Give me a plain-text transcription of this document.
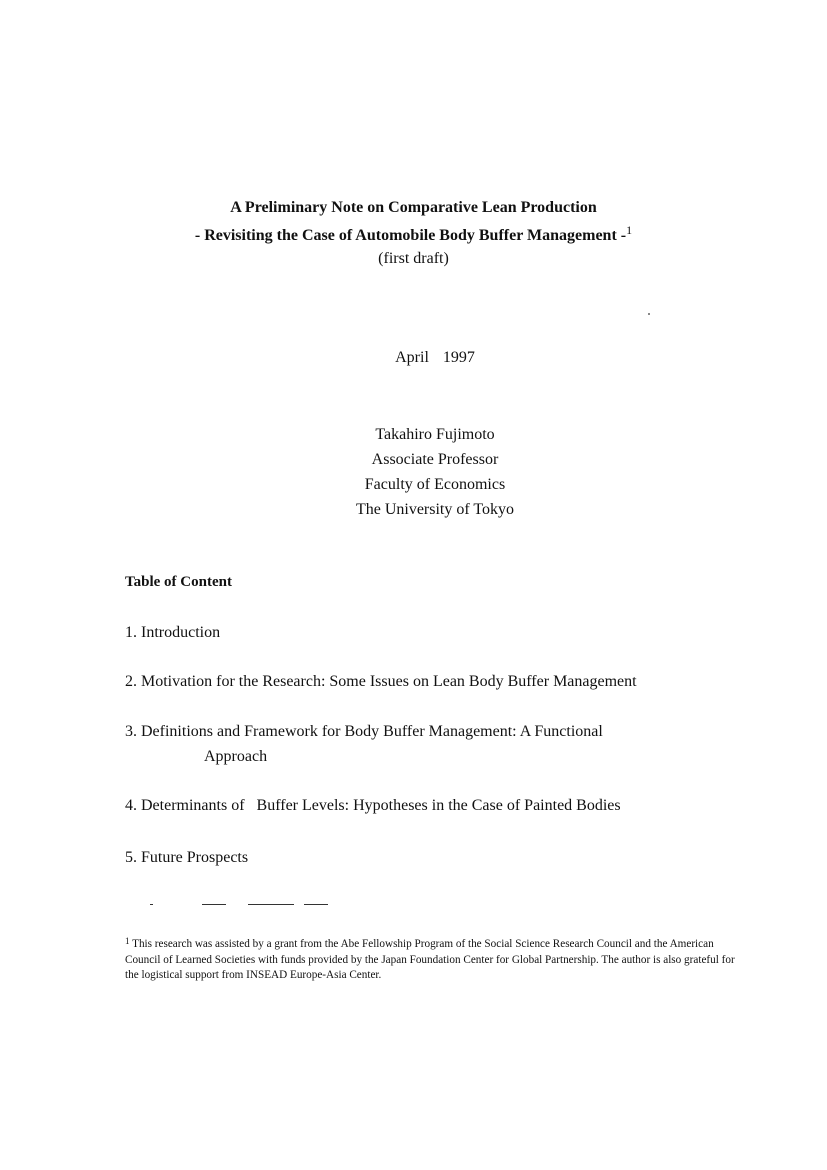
A Preliminary Note on Comparative Lean Production
- Revisiting the Case of Automobile Body Buffer Management -$^1$
(first draft)
April 1997
Takahiro Fujimoto
Associate Professor
Faculty of Economics
The University of Tokyo
Table of Content
1. Introduction
2. Motivation for the Research: Some Issues on Lean Body Buffer Management
3. Definitions and Framework for Body Buffer Management: A Functional
Approach
4. Determinants of Buffer Levels: Hypotheses in the Case of Painted Bodies
5. Future Prospects
$^1$ This research was assisted by a grant from the Abe Fellowship Program of the Social Science Research Council and the American Council of Learned Societies with funds provided by the Japan Foundation Center for Global Partnership. The author is also grateful for the logistical support from INSEAD Europe-Asia Center.
